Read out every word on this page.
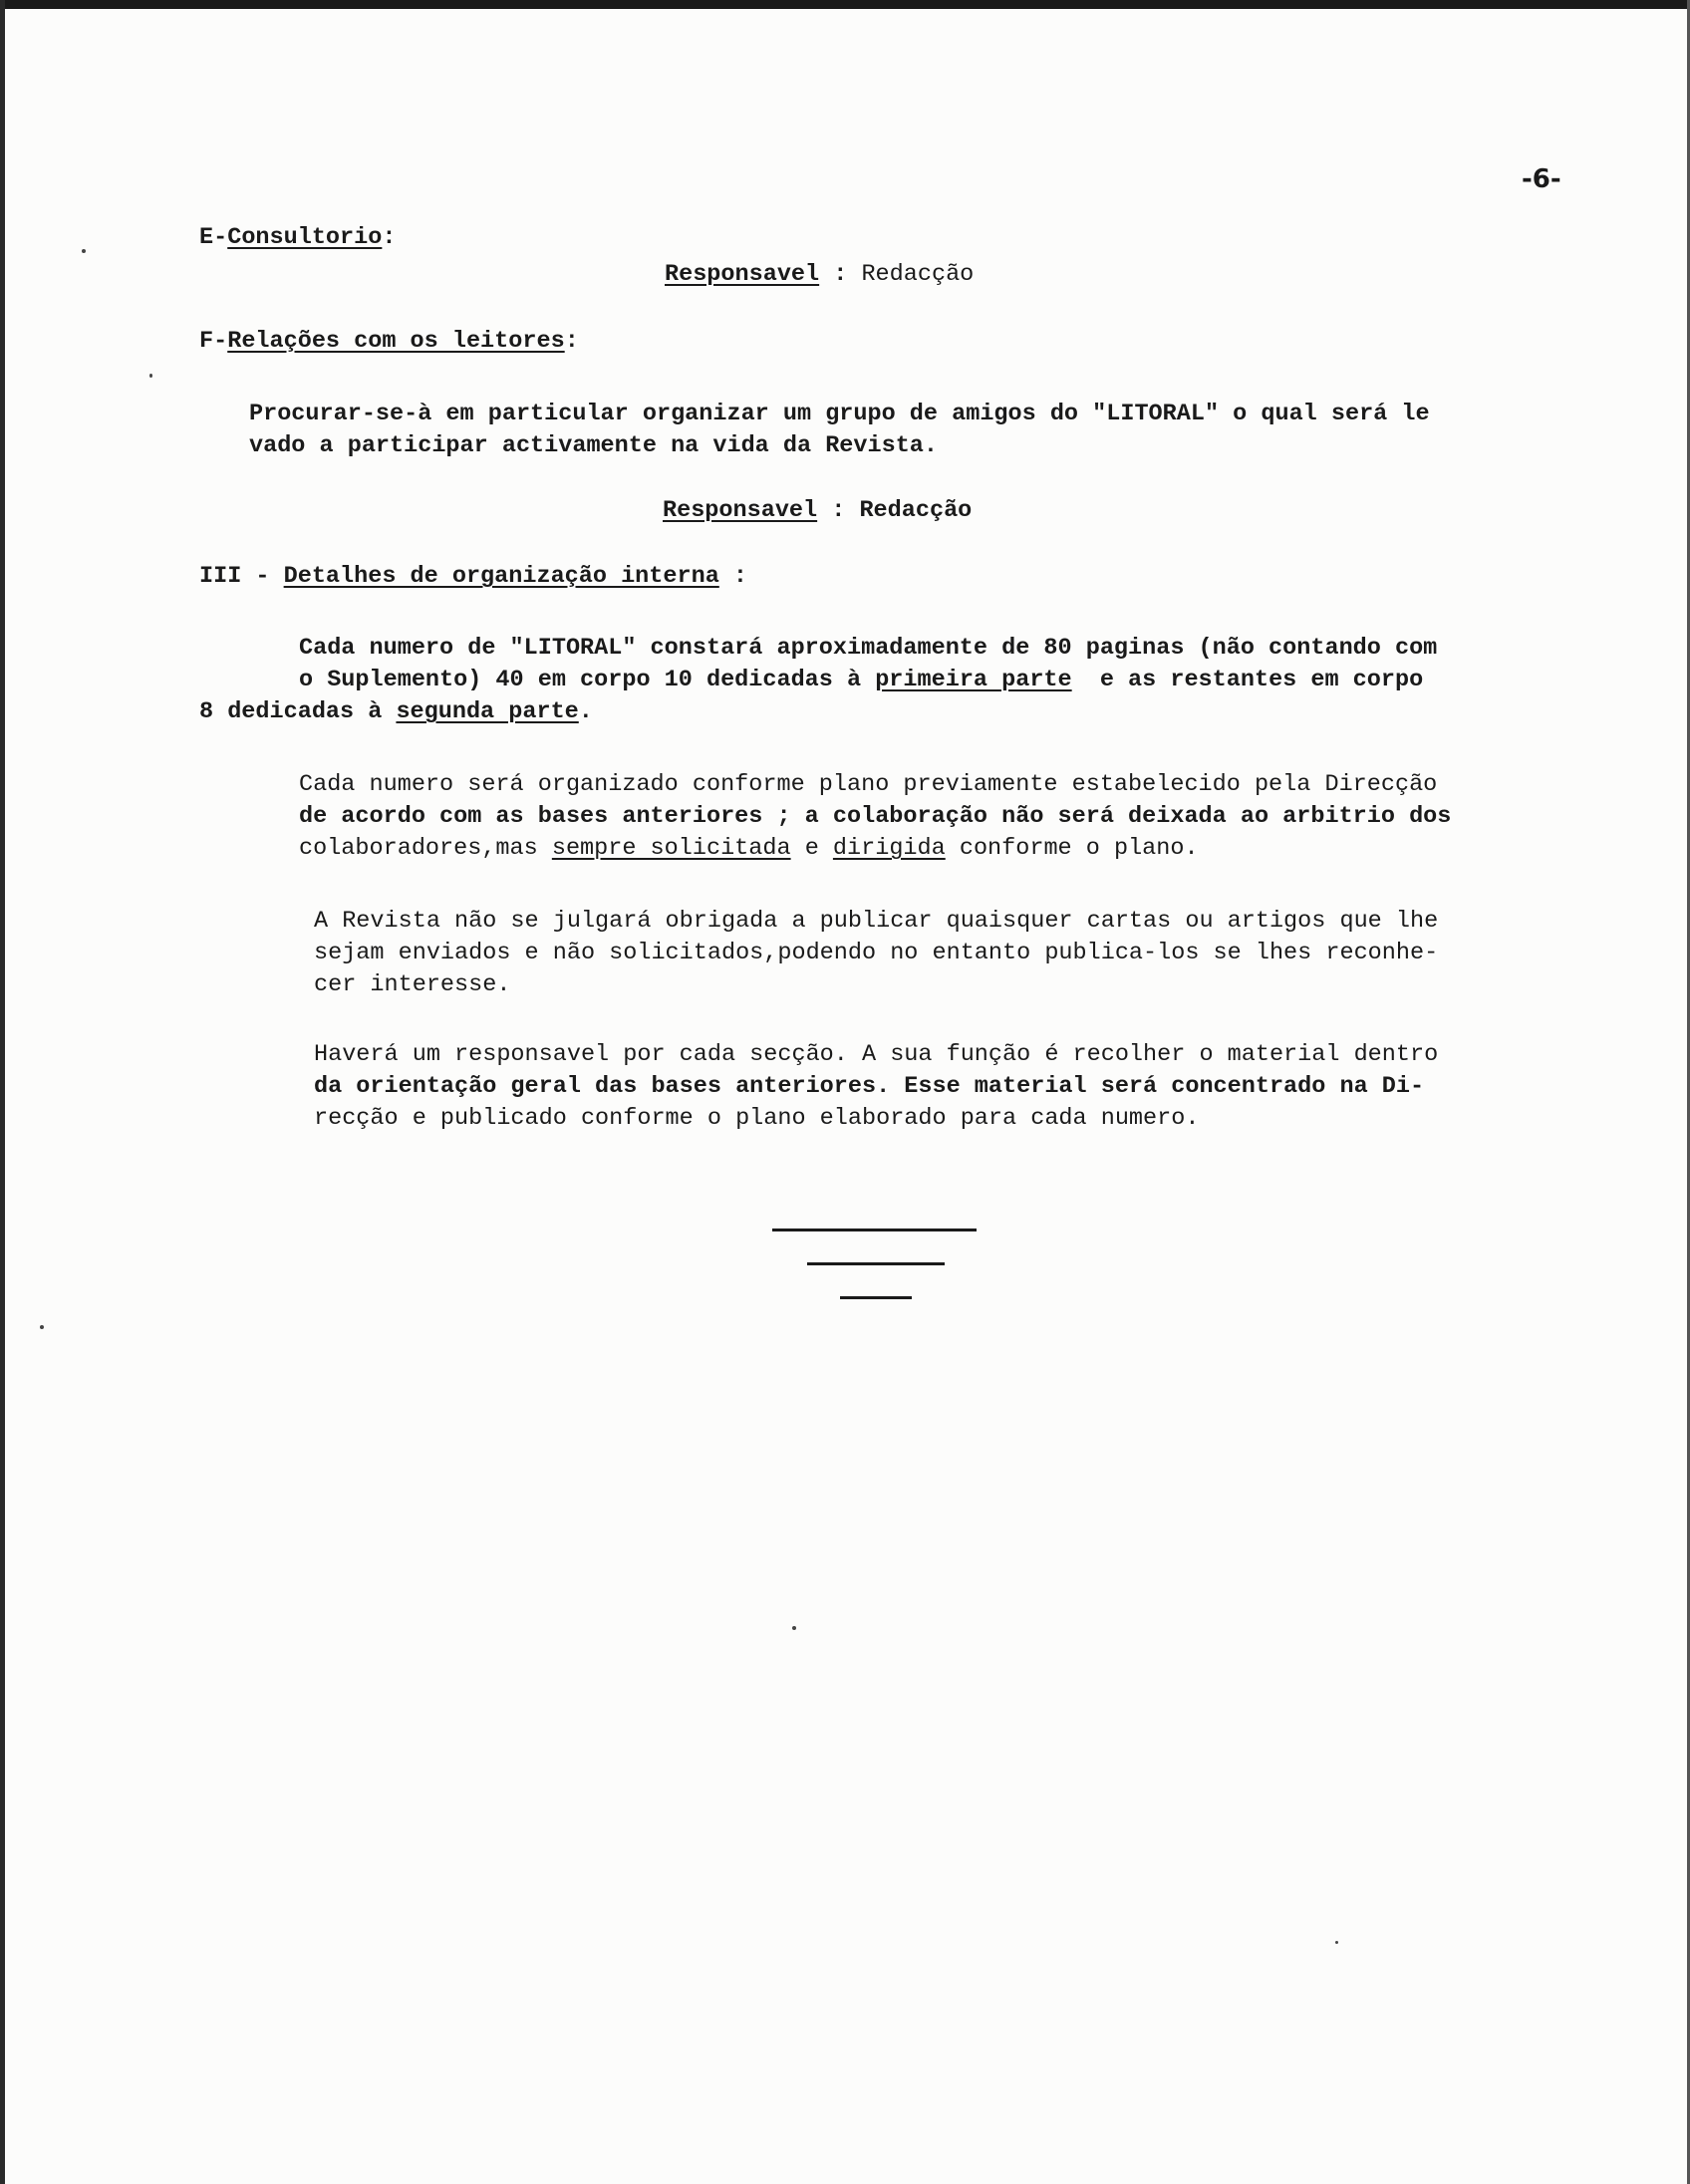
-6-
E-Consultorio:
Responsavel : Redacção
F-Relações com os leitores:
Procurar-se-à em particular organizar um grupo de amigos do "LITORAL" o qual será le
vado a participar activamente na vida da Revista.
Responsavel : Redacção
III - Detalhes de organização interna :
Cada numero de "LITORAL" constará aproximadamente de 80 paginas (não contando com
o Suplemento) 40 em corpo 10 dedicadas à primeira parte  e as restantes em corpo
8 dedicadas à segunda parte.
Cada numero será organizado conforme plano previamente estabelecido pela Direcção
de acordo com as bases anteriores ; a colaboração não será deixada ao arbitrio dos
colaboradores,mas sempre solicitada e dirigida conforme o plano.
A Revista não se julgará obrigada a publicar quaisquer cartas ou artigos que lhe
sejam enviados e não solicitados,podendo no entanto publica-los se lhes reconhe-
cer interesse.
Haverá um responsavel por cada secção. A sua função é recolher o material dentro
da orientação geral das bases anteriores. Esse material será concentrado na Di-
recção e publicado conforme o plano elaborado para cada numero.
